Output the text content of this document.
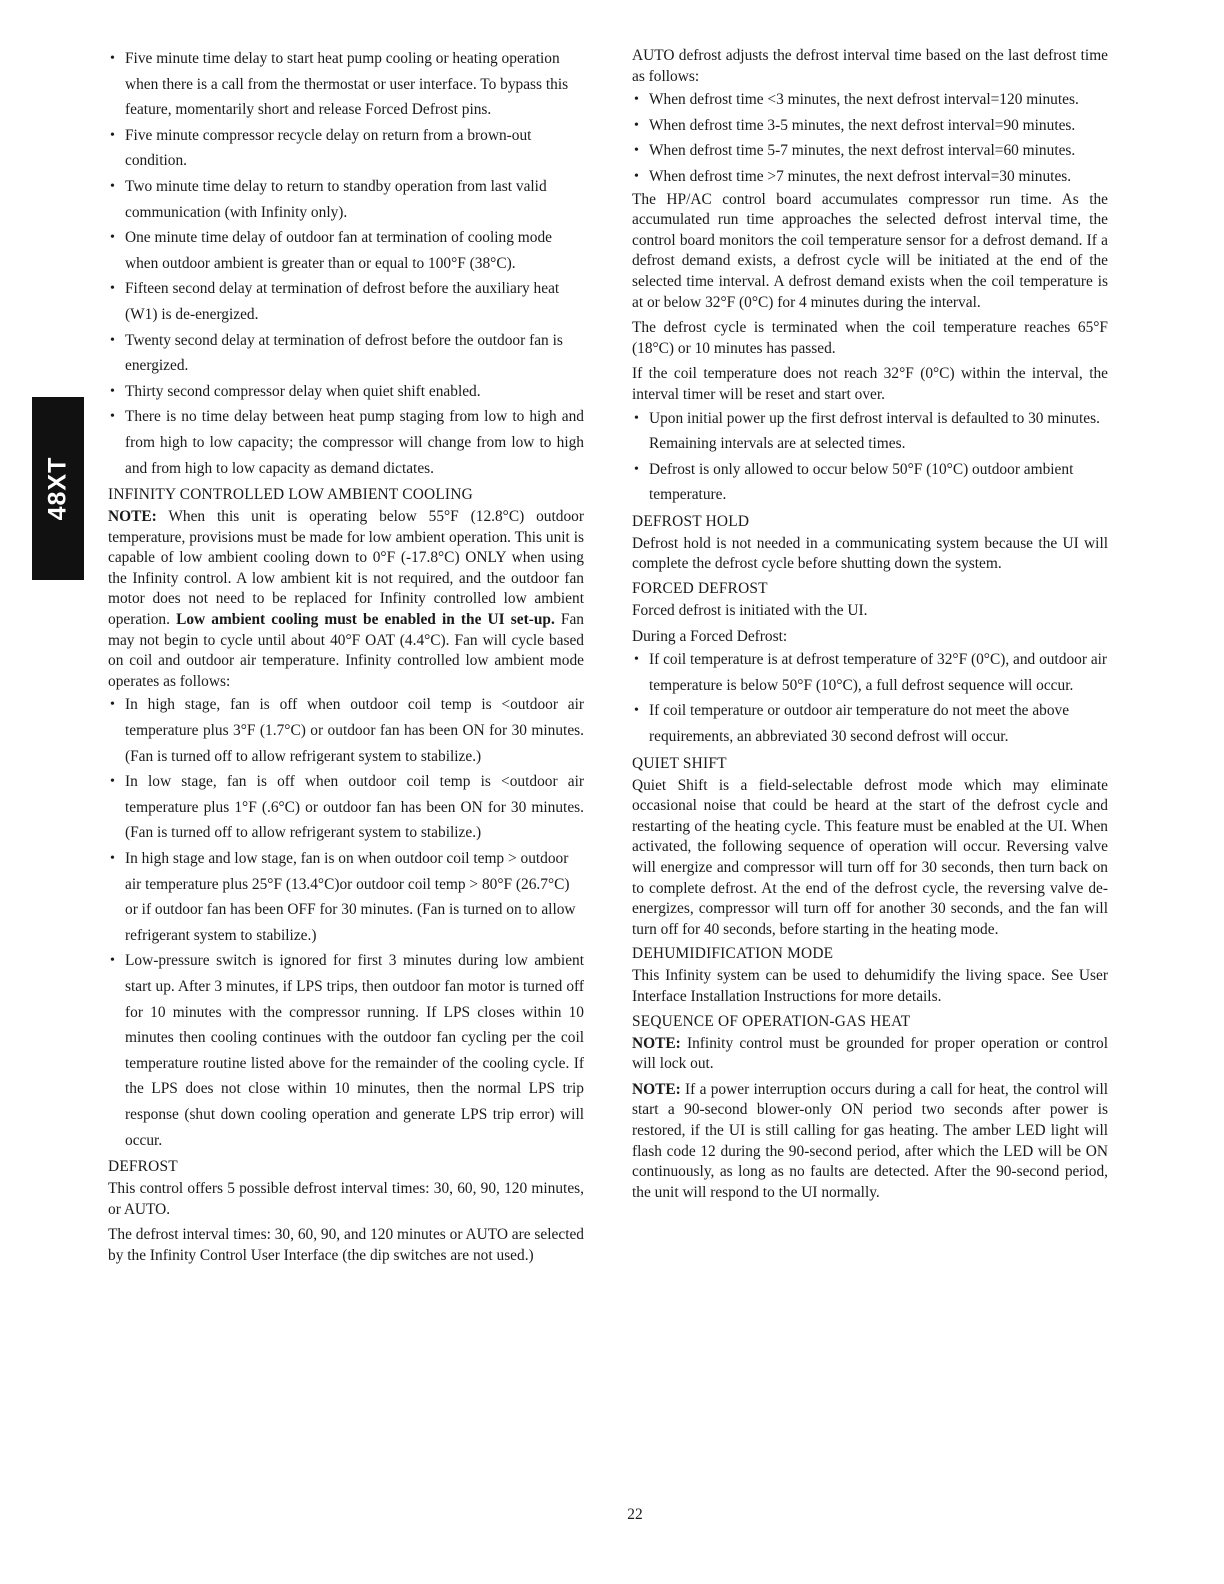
48XT
• Five minute time delay to start heat pump cooling or heating operation when there is a call from the thermostat or user interface. To bypass this feature, momentarily short and release Forced Defrost pins.
• Five minute compressor recycle delay on return from a brown-out condition.
• Two minute time delay to return to standby operation from last valid communication (with Infinity only).
• One minute time delay of outdoor fan at termination of cooling mode when outdoor ambient is greater than or equal to 100°F (38°C).
• Fifteen second delay at termination of defrost before the auxiliary heat (W1) is de-energized.
• Twenty second delay at termination of defrost before the outdoor fan is energized.
• Thirty second compressor delay when quiet shift enabled.
• There is no time delay between heat pump staging from low to high and from high to low capacity; the compressor will change from low to high and from high to low capacity as demand dictates.
INFINITY CONTROLLED LOW AMBIENT COOLING

NOTE: When this unit is operating below 55°F (12.8°C) outdoor temperature, provisions must be made for low ambient operation. This unit is capable of low ambient cooling down to 0°F (-17.8°C) ONLY when using the Infinity control. A low ambient kit is not required, and the outdoor fan motor does not need to be replaced for Infinity controlled low ambient operation. Low ambient cooling must be enabled in the UI set-up. Fan may not begin to cycle until about 40°F OAT (4.4°C). Fan will cycle based on coil and outdoor air temperature. Infinity controlled low ambient mode operates as follows:

• In high stage, fan is off when outdoor coil temp is <outdoor air temperature plus 3°F (1.7°C) or outdoor fan has been ON for 30 minutes. (Fan is turned off to allow refrigerant system to stabilize.)
• In low stage, fan is off when outdoor coil temp is <outdoor air temperature plus 1°F (.6°C) or outdoor fan has been ON for 30 minutes. (Fan is turned off to allow refrigerant system to stabilize.)
• In high stage and low stage, fan is on when outdoor coil temp > outdoor air temperature plus 25°F (13.4°C)or outdoor coil temp > 80°F (26.7°C) or if outdoor fan has been OFF for 30 minutes. (Fan is turned on to allow refrigerant system to stabilize.)
• Low-pressure switch is ignored for first 3 minutes during low ambient start up. After 3 minutes, if LPS trips, then outdoor fan motor is turned off for 10 minutes with the compressor running. If LPS closes within 10 minutes then cooling continues with the outdoor fan cycling per the coil temperature routine listed above for the remainder of the cooling cycle. If the LPS does not close within 10 minutes, then the normal LPS trip response (shut down cooling operation and generate LPS trip error) will occur.
DEFROST

This control offers 5 possible defrost interval times: 30, 60, 90, 120 minutes, or AUTO.

The defrost interval times: 30, 60, 90, and 120 minutes or AUTO are selected by the Infinity Control User Interface (the dip switches are not used.)

AUTO defrost adjusts the defrost interval time based on the last defrost time as follows:

• When defrost time <3 minutes, the next defrost interval=120 minutes.
• When defrost time 3-5 minutes, the next defrost interval=90 minutes.
• When defrost time 5-7 minutes, the next defrost interval=60 minutes.
• When defrost time >7 minutes, the next defrost interval=30 minutes.

The HP/AC control board accumulates compressor run time. As the accumulated run time approaches the selected defrost interval time, the control board monitors the coil temperature sensor for a defrost demand. If a defrost demand exists, a defrost cycle will be initiated at the end of the selected time interval. A defrost demand exists when the coil temperature is at or below 32°F (0°C) for 4 minutes during the interval.

The defrost cycle is terminated when the coil temperature reaches 65°F (18°C) or 10 minutes has passed.

If the coil temperature does not reach 32°F (0°C) within the interval, the interval timer will be reset and start over.

• Upon initial power up the first defrost interval is defaulted to 30 minutes. Remaining intervals are at selected times.
• Defrost is only allowed to occur below 50°F (10°C) outdoor ambient temperature.
DEFROST HOLD

Defrost hold is not needed in a communicating system because the UI will complete the defrost cycle before shutting down the system.

FORCED DEFROST

Forced defrost is initiated with the UI.

During a Forced Defrost:

• If coil temperature is at defrost temperature of 32°F (0°C), and outdoor air temperature is below 50°F (10°C), a full defrost sequence will occur.
• If coil temperature or outdoor air temperature do not meet the above requirements, an abbreviated 30 second defrost will occur.
QUIET SHIFT

Quiet Shift is a field-selectable defrost mode which may eliminate occasional noise that could be heard at the start of the defrost cycle and restarting of the heating cycle. This feature must be enabled at the UI. When activated, the following sequence of operation will occur. Reversing valve will energize and compressor will turn off for 30 seconds, then turn back on to complete defrost. At the end of the defrost cycle, the reversing valve de-energizes, compressor will turn off for another 30 seconds, and the fan will turn off for 40 seconds, before starting in the heating mode.

DEHUMIDIFICATION MODE

This Infinity system can be used to dehumidify the living space. See User Interface Installation Instructions for more details.

SEQUENCE OF OPERATION-GAS HEAT

NOTE: Infinity control must be grounded for proper operation or control will lock out.

NOTE: If a power interruption occurs during a call for heat, the control will start a 90-second blower-only ON period two seconds after power is restored, if the UI is still calling for gas heating. The amber LED light will flash code 12 during the 90-second period, after which the LED will be ON continuously, as long as no faults are detected. After the 90-second period, the unit will respond to the UI normally.

22
